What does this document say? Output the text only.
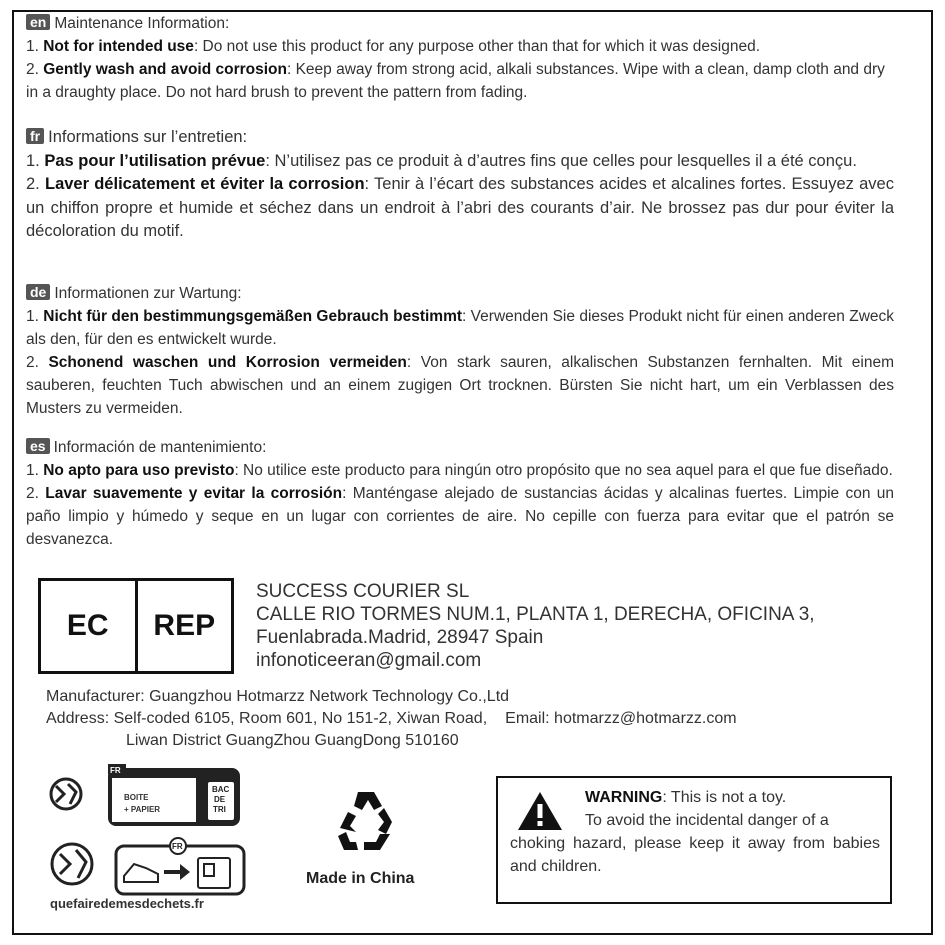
en Maintenance Information:

1. Not for intended use: Do not use this product for any purpose other than that for which it was designed.

2. Gently wash and avoid corrosion: Keep away from strong acid, alkali substances. Wipe with a clean, damp cloth and dry in a draughty place. Do not hard brush to prevent the pattern from fading.

fr Informations sur l’entretien:

1. Pas pour l’utilisation prévue: N’utilisez pas ce produit à d’autres fins que celles pour lesquelles il a été conçu.

2. Laver délicatement et éviter la corrosion: Tenir à l’écart des substances acides et alcalines fortes. Essuyez avec un chiffon propre et humide et séchez dans un endroit à l’abri des courants d’air. Ne brossez pas dur pour éviter la décoloration du motif.

de Informationen zur Wartung:

1. Nicht für den bestimmungsgemäßen Gebrauch bestimmt: Verwenden Sie dieses Produkt nicht für einen anderen Zweck als den, für den es entwickelt wurde.

2. Schonend waschen und Korrosion vermeiden: Von stark sauren, alkalischen Substanzen fernhalten. Mit einem sauberen, feuchten Tuch abwischen und an einem zugigen Ort trocknen. Bürsten Sie nicht hart, um ein Verblassen des Musters zu vermeiden.

es Información de mantenimiento:

1. No apto para uso previsto: No utilice este producto para ningún otro propósito que no sea aquel para el que fue diseñado.

2. Lavar suavemente y evitar la corrosión: Manténgase alejado de sustancias ácidas y alcalinas fuertes. Limpie con un paño limpio y húmedo y seque en un lugar con corrientes de aire. No cepille con fuerza para evitar que el patrón se desvanezca.

EC	REP
SUCCESS COURIER SL
CALLE RIO TORMES NUM.1, PLANTA 1, DERECHA, OFICINA 3,
Fuenlabrada.Madrid, 28947 Spain
infonoticeeran@gmail.com
Manufacturer: Guangzhou Hotmarzz Network Technology Co.,Ltd
Address: Self-coded 6105, Room 601, No 151-2, Xiwan Road, Email: hotmarzz@hotmarzz.com
Liwan District GuangZhou GuangDong 510160
FR
BOITE
+ PAPIER
BAC
DE
TRI
FR
quefairedemesdechets.fr
Made in China
WARNING: This is not a toy.
To avoid the incidental danger of a
choking hazard, please keep it away from babies and children.
